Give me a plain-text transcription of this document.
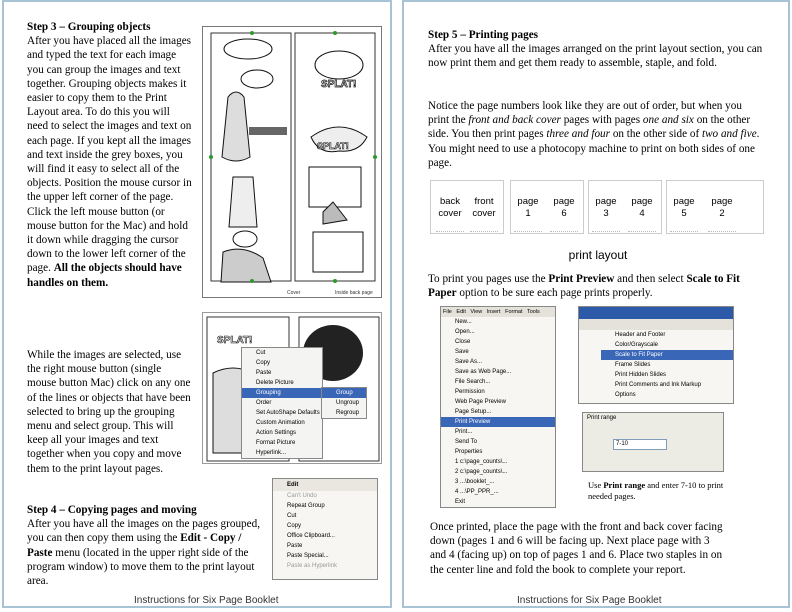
Step 3 – Grouping objects
After you have placed all the images and typed the text for each image you can group the images and text together. Grouping objects makes it easier to copy them to the Print Layout area. To do this you will need to select the images and text on each page. If you kept all the images and text inside the grey boxes, you will find it easy to select all of the objects. Position the mouse cursor in the upper left corner of the page. Click the left mouse button (or mouse button for the Mac) and hold it down while dragging the cursor down to the lower left corner of the page. All the objects should have handles on them.
SPLAT!
SPLAT!
Cover	Inside back page
While the images are selected, use the right mouse button (single mouse button Mac) click on any one of the lines or objects that have been selected to bring up the grouping menu and select group. This will keep all your images and text together when you copy and move them to the print layout pages.
SPLAT!
Cut
Copy
Paste
Delete Picture
Grouping
Order
Set AutoShape Defaults
Custom Animation
Action Settings
Format Picture
Hyperlink...
Group
Ungroup
Regroup
Step 4 – Copying pages and moving
After you have all the images on the pages grouped, you can then copy them using the Edit - Copy / Paste menu (located in the upper right side of the program window) to move them to the print layout area.
Edit
Can't Undo
Repeat Group
Cut
Copy
Office Clipboard...
Paste
Paste Special...
Paste as Hyperlink
Instructions for Six Page Booklet
Step 5 – Printing pages
After you have all the images arranged on the print layout section, you can now print them and get them ready to assemble, staple, and fold.
Notice the page numbers look like they are out of order, but when you print the front and back cover pages with pages one and six on the other side. You then print pages three and four on the other side of two and five. You might need to use a photocopy machine to print on both sides of one page.
back
cover
front
cover
page
1
page
6
page
3
page
4
page
5
page
2
print layout
To print you pages use the Print Preview and then select Scale to Fit Paper option to be sure each page prints properly.
File Edit View Insert Format Tools
New...
Open...
Close
Save
Save As...
Save as Web Page...
File Search...
Permission
Web Page Preview
Page Setup...
Print Preview
Print...
Send To
Properties
1 c:\page_counts\...
2 c:\page_counts\...
3 ...\booklet_...
4 ...\PP_PPR_...
Exit
Header and Footer
Color/Grayscale
Scale to Fit Paper
Frame Slides
Print Hidden Slides
Print Comments and Ink Markup
Options
Print range
7-10
Use Print range and enter 7-10 to print needed pages.
Once printed, place the page with the front and back cover facing down (pages 1 and 6 will be facing up. Next place page with 3 and 4 (facing up) on top of pages 1 and 6. Place two staples in on the center line and fold the book to complete your report.
Instructions for Six Page Booklet
